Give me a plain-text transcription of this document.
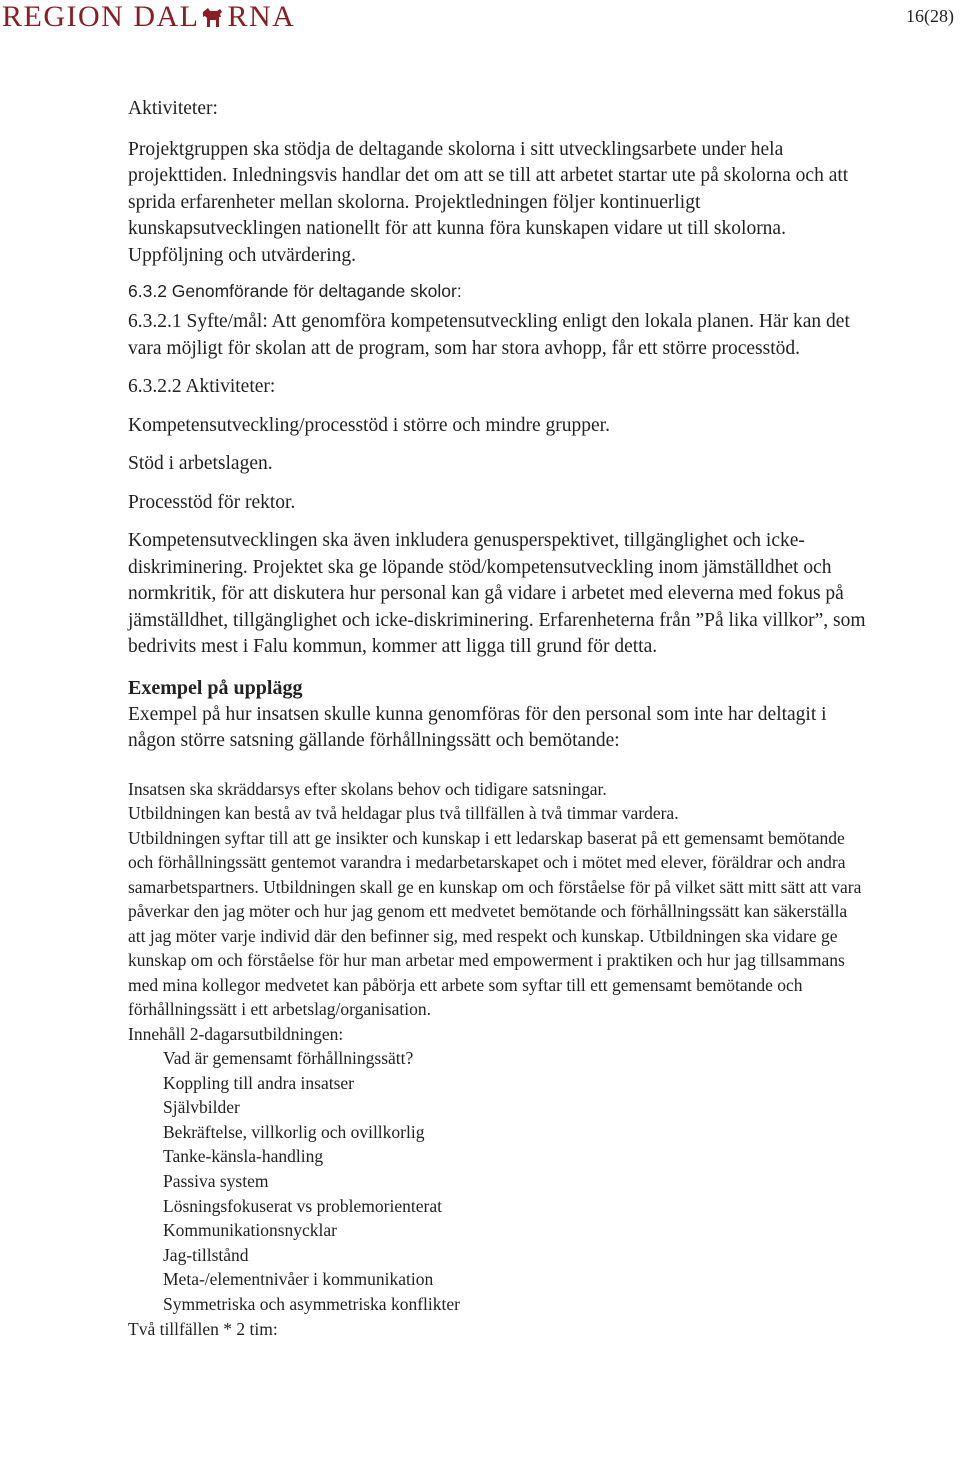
REGION DAL RNA	16(28)

Aktiviteter:

Projektgruppen ska stödja de deltagande skolorna i sitt utvecklingsarbete under hela projekttiden. Inledningsvis handlar det om att se till att arbetet startar ute på skolorna och att sprida erfarenheter mellan skolorna. Projektledningen följer kontinuerligt kunskapsutvecklingen nationellt för att kunna föra kunskapen vidare ut till skolorna. Uppföljning och utvärdering.

6.3.2 Genomförande för deltagande skolor:

6.3.2.1 Syfte/mål: Att genomföra kompetensutveckling enligt den lokala planen. Här kan det vara möjligt för skolan att de program, som har stora avhopp, får ett större processtöd.

6.3.2.2 Aktiviteter:

Kompetensutveckling/processtöd i större och mindre grupper.

Stöd i arbetslagen.

Processtöd för rektor.

Kompetensutvecklingen ska även inkludera genusperspektivet, tillgänglighet och icke-diskriminering. Projektet ska ge löpande stöd/kompetensutveckling inom jämställdhet och normkritik, för att diskutera hur personal kan gå vidare i arbetet med eleverna med fokus på jämställdhet, tillgänglighet och icke-diskriminering. Erfarenheterna från ”På lika villkor”, som bedrivits mest i Falu kommun, kommer att ligga till grund för detta.

Exempel på upplägg

Exempel på hur insatsen skulle kunna genomföras för den personal som inte har deltagit i någon större satsning gällande förhållningssätt och bemötande:

Insatsen ska skräddarsys efter skolans behov och tidigare satsningar.

Utbildningen kan bestå av två heldagar plus två tillfällen à två timmar vardera.

Utbildningen syftar till att ge insikter och kunskap i ett ledarskap baserat på ett gemensamt bemötande och förhållningssätt gentemot varandra i medarbetarskapet och i mötet med elever, föräldrar och andra samarbetspartners. Utbildningen skall ge en kunskap om och förståelse för på vilket sätt mitt sätt att vara påverkar den jag möter och hur jag genom ett medvetet bemötande och förhållningssätt kan säkerställa att jag möter varje individ där den befinner sig, med respekt och kunskap. Utbildningen ska vidare ge kunskap om och förståelse för hur man arbetar med empowerment i praktiken och hur jag tillsammans med mina kollegor medvetet kan påbörja ett arbete som syftar till ett gemensamt bemötande och förhållningssätt i ett arbetslag/organisation.

Innehåll 2-dagarsutbildningen:

Vad är gemensamt förhållningssätt?
Koppling till andra insatser
Självbilder
Bekräftelse, villkorlig och ovillkorlig
Tanke-känsla-handling
Passiva system
Lösningsfokuserat vs problemorienterat
Kommunikationsnycklar
Jag-tillstånd
Meta-/elementnivåer i kommunikation
Symmetriska och asymmetriska konflikter

Två tillfällen * 2 tim:
